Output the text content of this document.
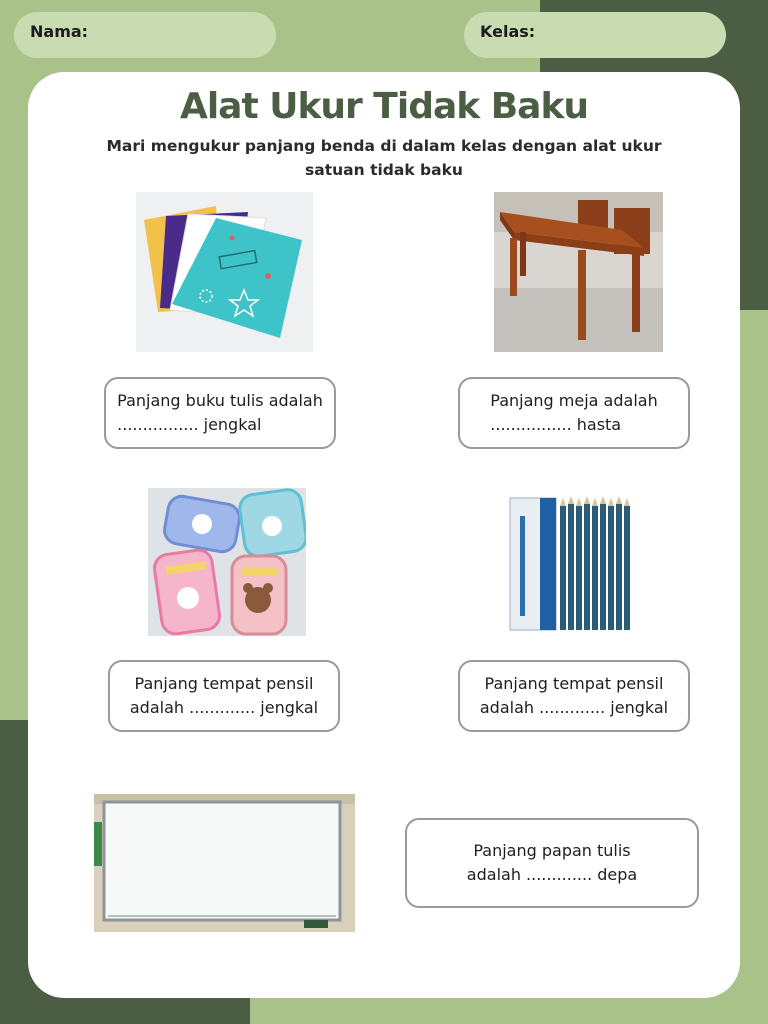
Nama:	Kelas:
Alat Ukur Tidak Baku
Mari mengukur panjang benda di dalam kelas dengan alat ukur satuan tidak baku
Panjang buku tulis adalah
................ jengkal
Panjang meja adalah
................ hasta
Panjang tempat pensil
adalah ............. jengkal
Panjang tempat pensil
adalah ............. jengkal
Panjang papan tulis
adalah ............. depa
